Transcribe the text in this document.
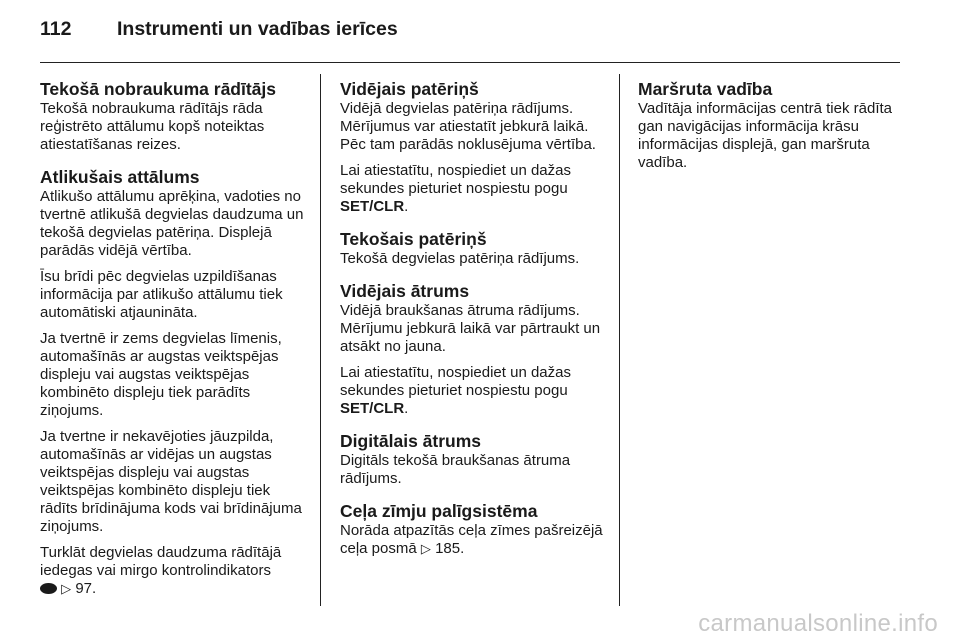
112 Instrumenti un vadības ierīces
Tekošā nobraukuma rādītājs

Tekošā nobraukuma rādītājs rāda reģistrēto attālumu kopš noteiktas atiestatīšanas reizes.

Atlikušais attālums

Atlikušo attālumu aprēķina, vadoties no tvertnē atlikušā degvielas daudzuma un tekošā degvielas patēriņa. Displejā parādās vidējā vērtība.

Īsu brīdi pēc degvielas uzpildīšanas informācija par atlikušo attālumu tiek automātiski atjaunināta.

Ja tvertnē ir zems degvielas līmenis, automašīnās ar augstas veiktspējas displeju vai augstas veiktspējas kombinēto displeju tiek parādīts ziņojums.

Ja tvertne ir nekavējoties jāuzpilda, automašīnās ar vidējas un augstas veiktspējas displeju vai augstas veiktspējas kombinēto displeju tiek rādīts brīdinājuma kods vai brīdinājuma ziņojums.

Turklāt degvielas daudzuma rādītājā iedegas vai mirgo kontrolindikators
▷ 97.

Vidējais patēriņš

Vidējā degvielas patēriņa rādījums. Mērījumus var atiestatīt jebkurā laikā. Pēc tam parādās noklusējuma vērtība.

Lai atiestatītu, nospiediet un dažas sekundes pieturiet nospiestu pogu
SET/CLR.

Tekošais patēriņš

Tekošā degvielas patēriņa rādījums.

Vidējais ātrums

Vidējā braukšanas ātruma rādījums. Mērījumu jebkurā laikā var pārtraukt un atsākt no jauna.

Lai atiestatītu, nospiediet un dažas sekundes pieturiet nospiestu pogu
SET/CLR.

Digitālais ātrums

Digitāls tekošā braukšanas ātruma rādījums.

Ceļa zīmju palīgsistēma

Norāda atpazītās ceļa zīmes pašreizējā ceļa posmā ▷ 185.

Maršruta vadība

Vadītāja informācijas centrā tiek rādīta gan navigācijas informācija krāsu informācijas displejā, gan maršruta vadība.

carmanualsonline.info
